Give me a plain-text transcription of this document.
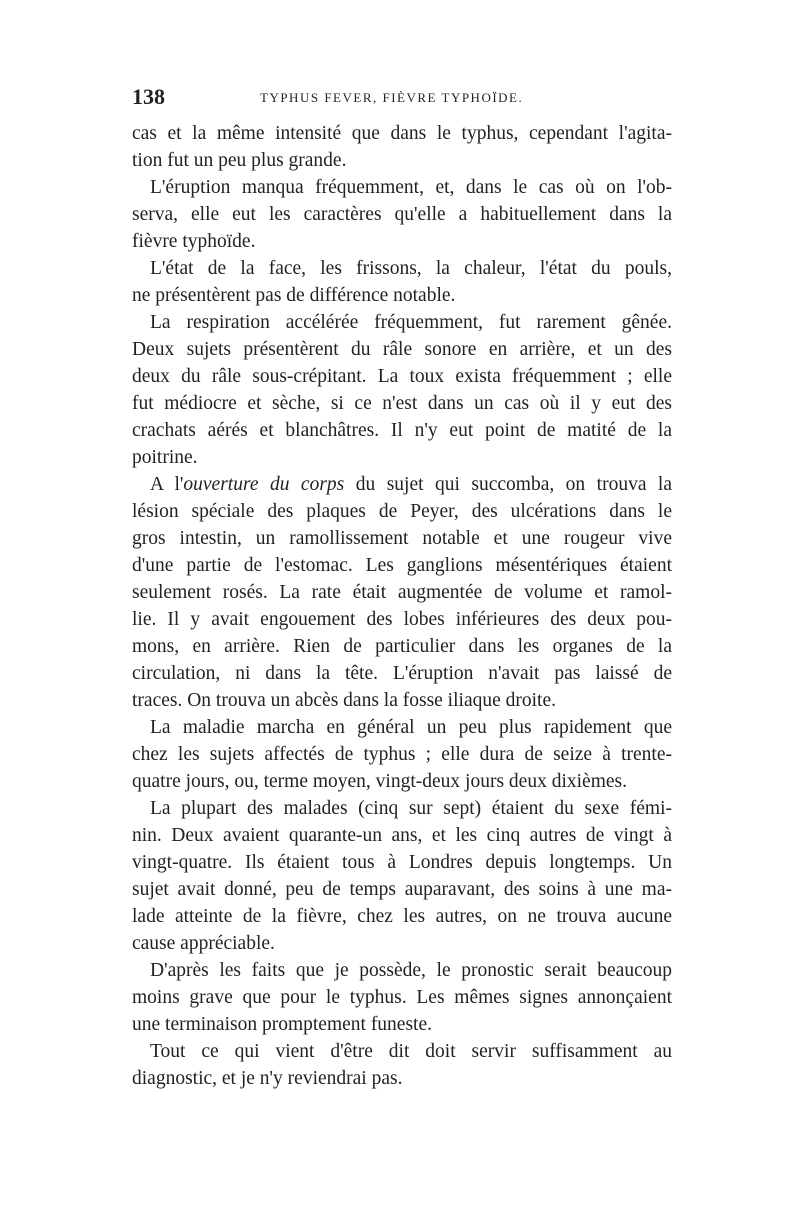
138	TYPHUS FEVER, FIÈVRE TYPHOÏDE.
cas et la même intensité que dans le typhus, cependant l'agita-
tion fut un peu plus grande.
L'éruption manqua fréquemment, et, dans le cas où on l'ob-
serva, elle eut les caractères qu'elle a habituellement dans la
fièvre typhoïde.
L'état de la face, les frissons, la chaleur, l'état du pouls,
ne présentèrent pas de différence notable.
La respiration accélérée fréquemment, fut rarement gênée.
Deux sujets présentèrent du râle sonore en arrière, et un des
deux du râle sous-crépitant. La toux exista fréquemment ; elle
fut médiocre et sèche, si ce n'est dans un cas où il y eut des
crachats aérés et blanchâtres. Il n'y eut point de matité de la
poitrine.
A l'ouverture du corps du sujet qui succomba, on trouva la
lésion spéciale des plaques de Peyer, des ulcérations dans le
gros intestin, un ramollissement notable et une rougeur vive
d'une partie de l'estomac. Les ganglions mésentériques étaient
seulement rosés. La rate était augmentée de volume et ramol-
lie. Il y avait engouement des lobes inférieures des deux pou-
mons, en arrière. Rien de particulier dans les organes de la
circulation, ni dans la tête. L'éruption n'avait pas laissé de
traces. On trouva un abcès dans la fosse iliaque droite.
La maladie marcha en général un peu plus rapidement que
chez les sujets affectés de typhus ; elle dura de seize à trente-
quatre jours, ou, terme moyen, vingt-deux jours deux dixièmes.
La plupart des malades (cinq sur sept) étaient du sexe fémi-
nin. Deux avaient quarante-un ans, et les cinq autres de vingt à
vingt-quatre. Ils étaient tous à Londres depuis longtemps. Un
sujet avait donné, peu de temps auparavant, des soins à une ma-
lade atteinte de la fièvre, chez les autres, on ne trouva aucune
cause appréciable.
D'après les faits que je possède, le pronostic serait beaucoup
moins grave que pour le typhus. Les mêmes signes annonçaient
une terminaison promptement funeste.
Tout ce qui vient d'être dit doit servir suffisamment au
diagnostic, et je n'y reviendrai pas.
